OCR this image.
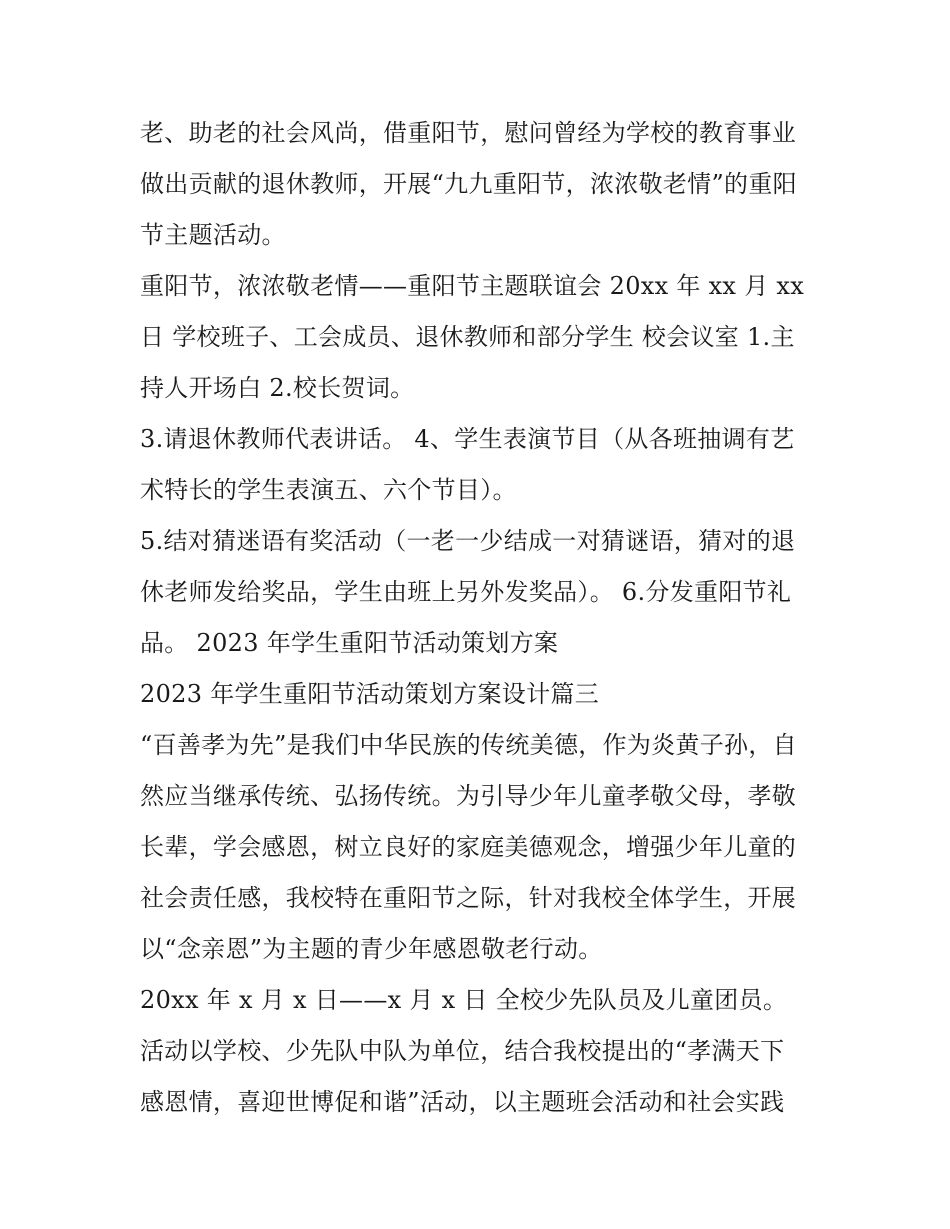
老、助老的社会风尚，借重阳节，慰问曾经为学校的教育事业
做出贡献的退休教师，开展“九九重阳节，浓浓敬老情”的重阳
节主题活动。
重阳节，浓浓敬老情——重阳节主题联谊会 20xx 年 xx 月 xx
日 学校班子、工会成员、退休教师和部分学生 校会议室 1.主
持人开场白 2.校长贺词。
3.请退休教师代表讲话。 4、学生表演节目（从各班抽调有艺
术特长的学生表演五、六个节目）。
5.结对猜迷语有奖活动（一老一少结成一对猜谜语，猜对的退
休老师发给奖品，学生由班上另外发奖品）。 6.分发重阳节礼
品。 2023 年学生重阳节活动策划方案
2023 年学生重阳节活动策划方案设计篇三
“百善孝为先”是我们中华民族的传统美德，作为炎黄子孙，自
然应当继承传统、弘扬传统。为引导少年儿童孝敬父母，孝敬
长辈，学会感恩，树立良好的家庭美德观念，增强少年儿童的
社会责任感，我校特在重阳节之际，针对我校全体学生，开展
以“念亲恩”为主题的青少年感恩敬老行动。
20xx 年 x 月 x 日——x 月 x 日 全校少先队员及儿童团员。
活动以学校、少先队中队为单位，结合我校提出的“孝满天下
感恩情，喜迎世博促和谐”活动，以主题班会活动和社会实践
